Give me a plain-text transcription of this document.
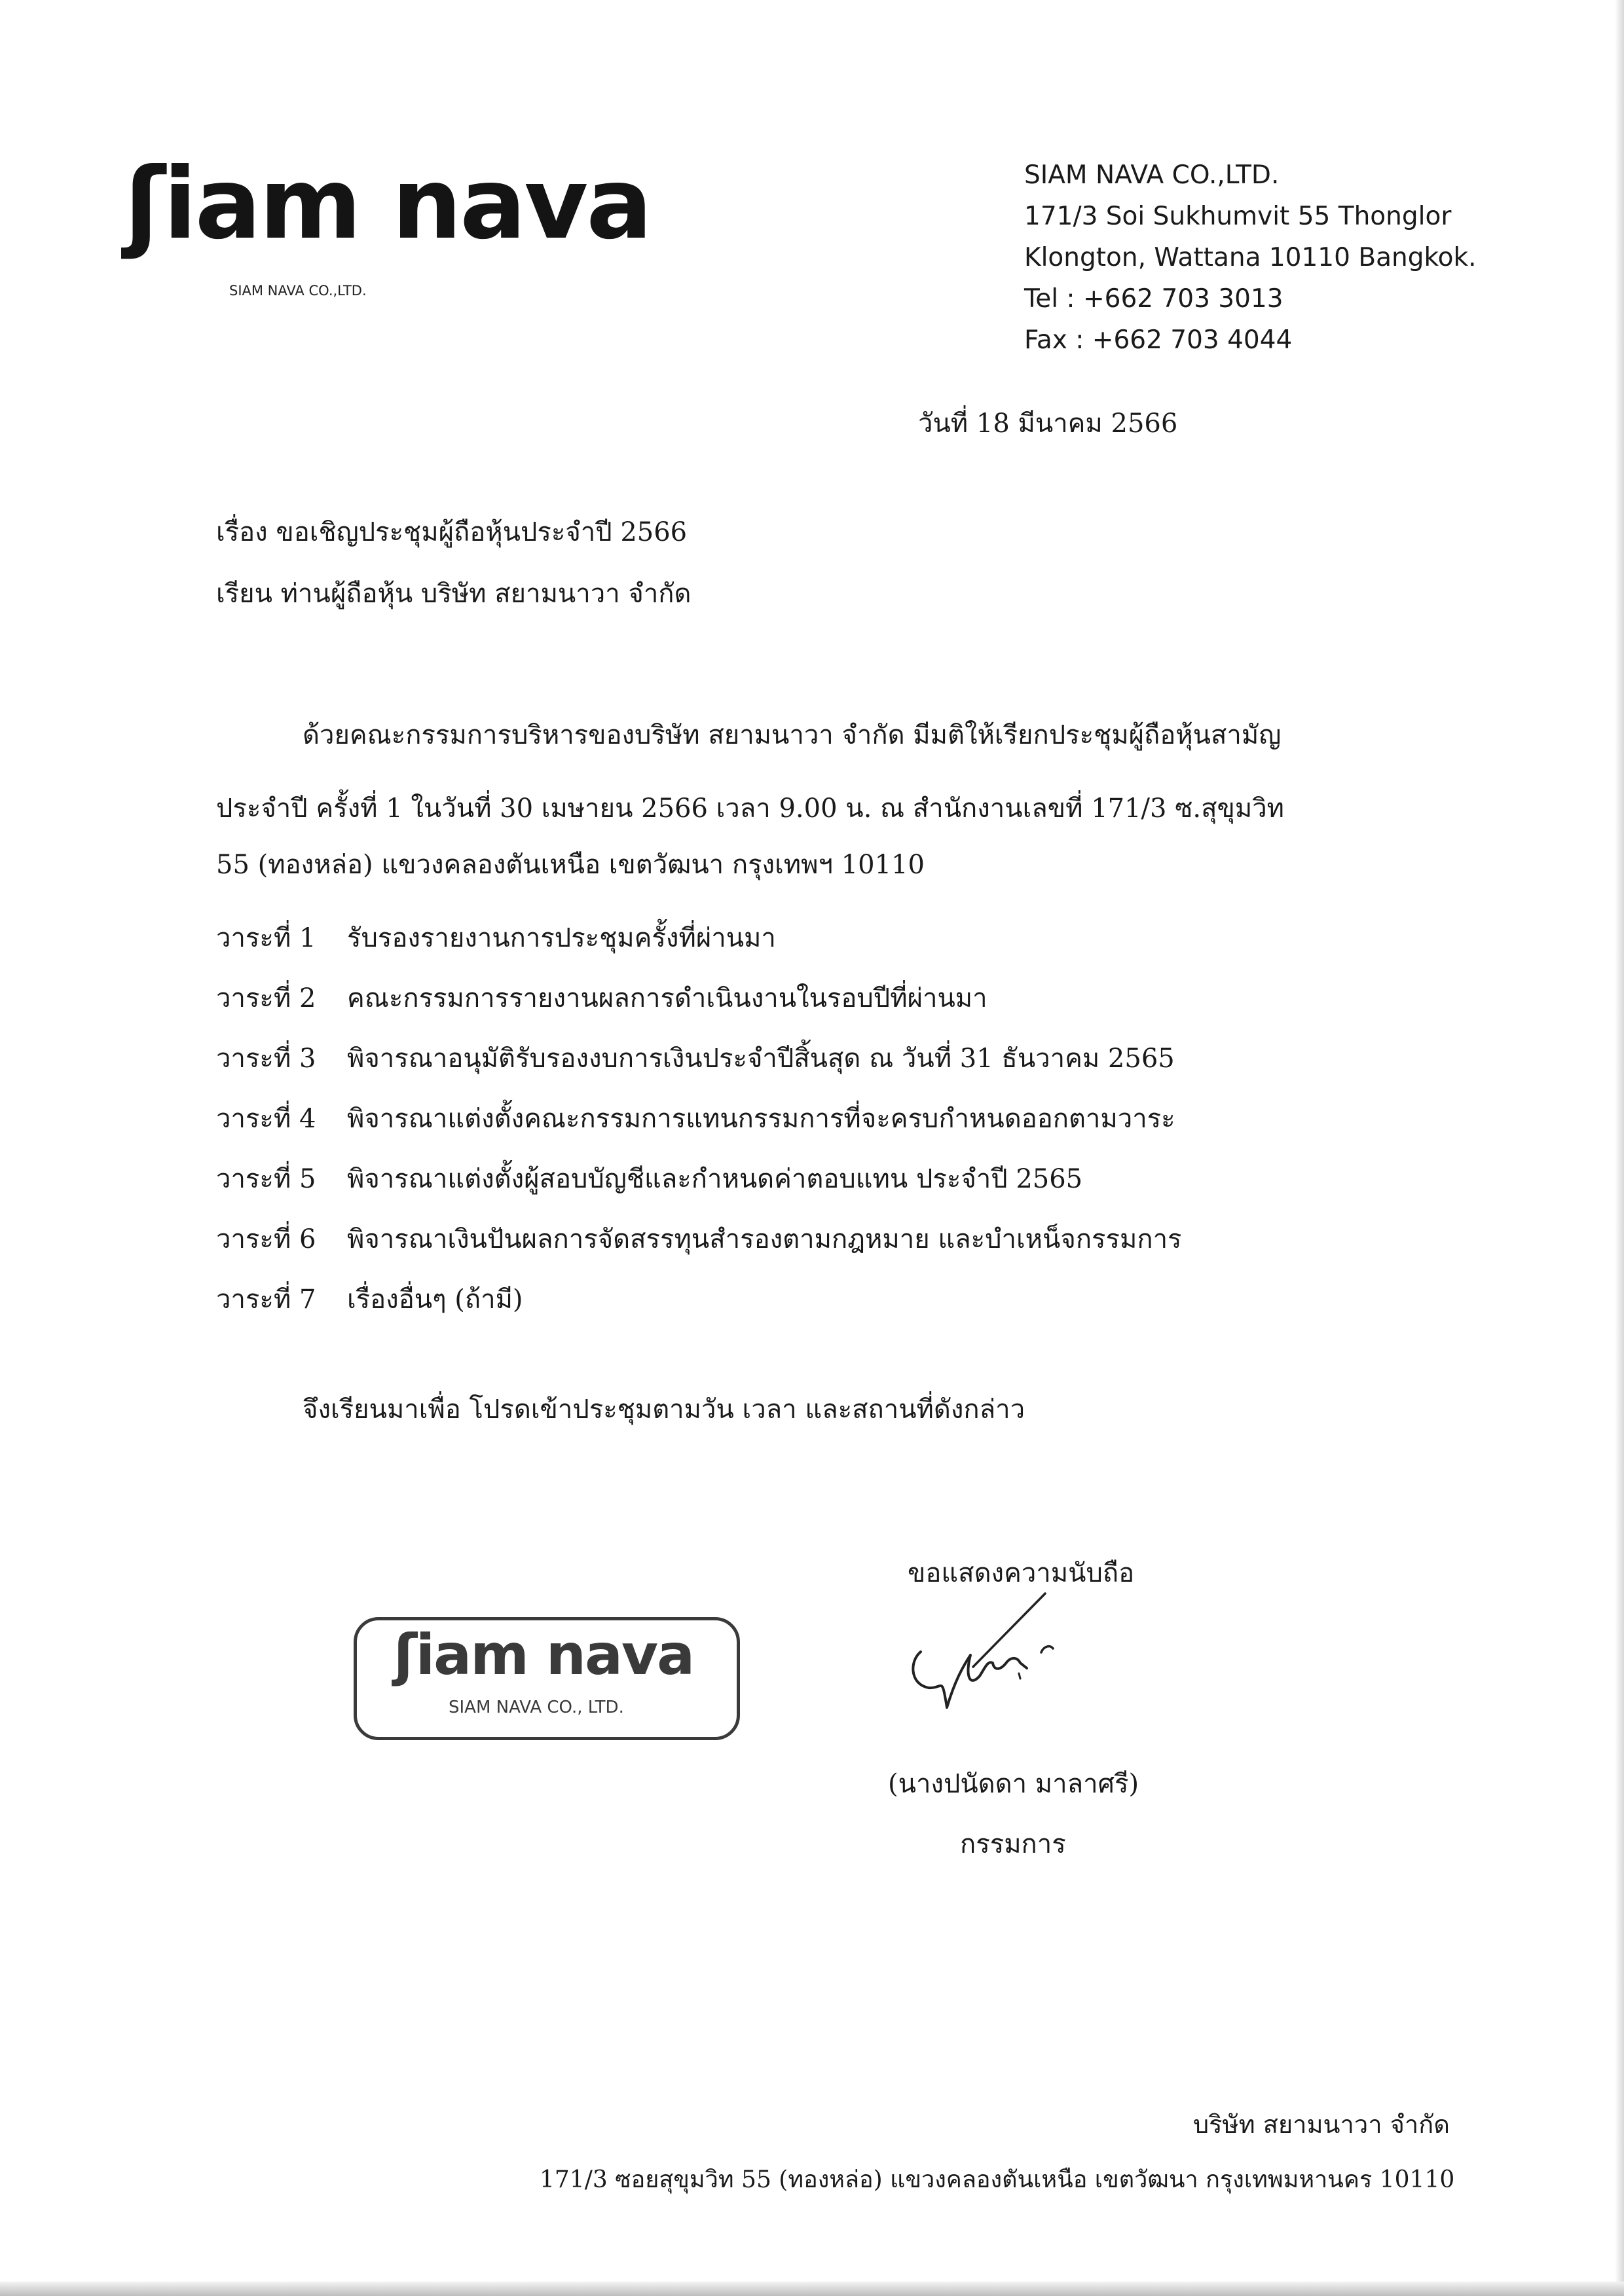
ʃiam nava
SIAM NAVA CO.,LTD.
SIAM NAVA CO.,LTD.
171/3 Soi Sukhumvit 55 Thonglor
Klongton, Wattana 10110 Bangkok.
Tel : +662 703 3013
Fax : +662 703 4044
วันที่ 18 มีนาคม 2566
เรื่อง ขอเชิญประชุมผู้ถือหุ้นประจำปี 2566
เรียน ท่านผู้ถือหุ้น บริษัท สยามนาวา จำกัด
ด้วยคณะกรรมการบริหารของบริษัท สยามนาวา จำกัด มีมติให้เรียกประชุมผู้ถือหุ้นสามัญ
ประจำปี ครั้งที่ 1 ในวันที่ 30 เมษายน 2566 เวลา 9.00 น. ณ สำนักงานเลขที่ 171/3 ซ.สุขุมวิท
55 (ทองหล่อ) แขวงคลองตันเหนือ เขตวัฒนา กรุงเทพฯ 10110
วาระที่ 1	รับรองรายงานการประชุมครั้งที่ผ่านมา
วาระที่ 2	คณะกรรมการรายงานผลการดำเนินงานในรอบปีที่ผ่านมา
วาระที่ 3	พิจารณาอนุมัติรับรองงบการเงินประจำปีสิ้นสุด ณ วันที่ 31 ธันวาคม 2565
วาระที่ 4	พิจารณาแต่งตั้งคณะกรรมการแทนกรรมการที่จะครบกำหนดออกตามวาระ
วาระที่ 5	พิจารณาแต่งตั้งผู้สอบบัญชีและกำหนดค่าตอบแทน ประจำปี 2565
วาระที่ 6	พิจารณาเงินปันผลการจัดสรรทุนสำรองตามกฎหมาย และบำเหน็จกรรมการ
วาระที่ 7	เรื่องอื่นๆ (ถ้ามี)
จึงเรียนมาเพื่อ โปรดเข้าประชุมตามวัน เวลา และสถานที่ดังกล่าว
ขอแสดงความนับถือ
ʃiam nava
SIAM NAVA CO., LTD.
(นางปนัดดา มาลาศรี)
กรรมการ
บริษัท สยามนาวา จำกัด
171/3 ซอยสุขุมวิท 55 (ทองหล่อ) แขวงคลองตันเหนือ เขตวัฒนา กรุงเทพมหานคร 10110
